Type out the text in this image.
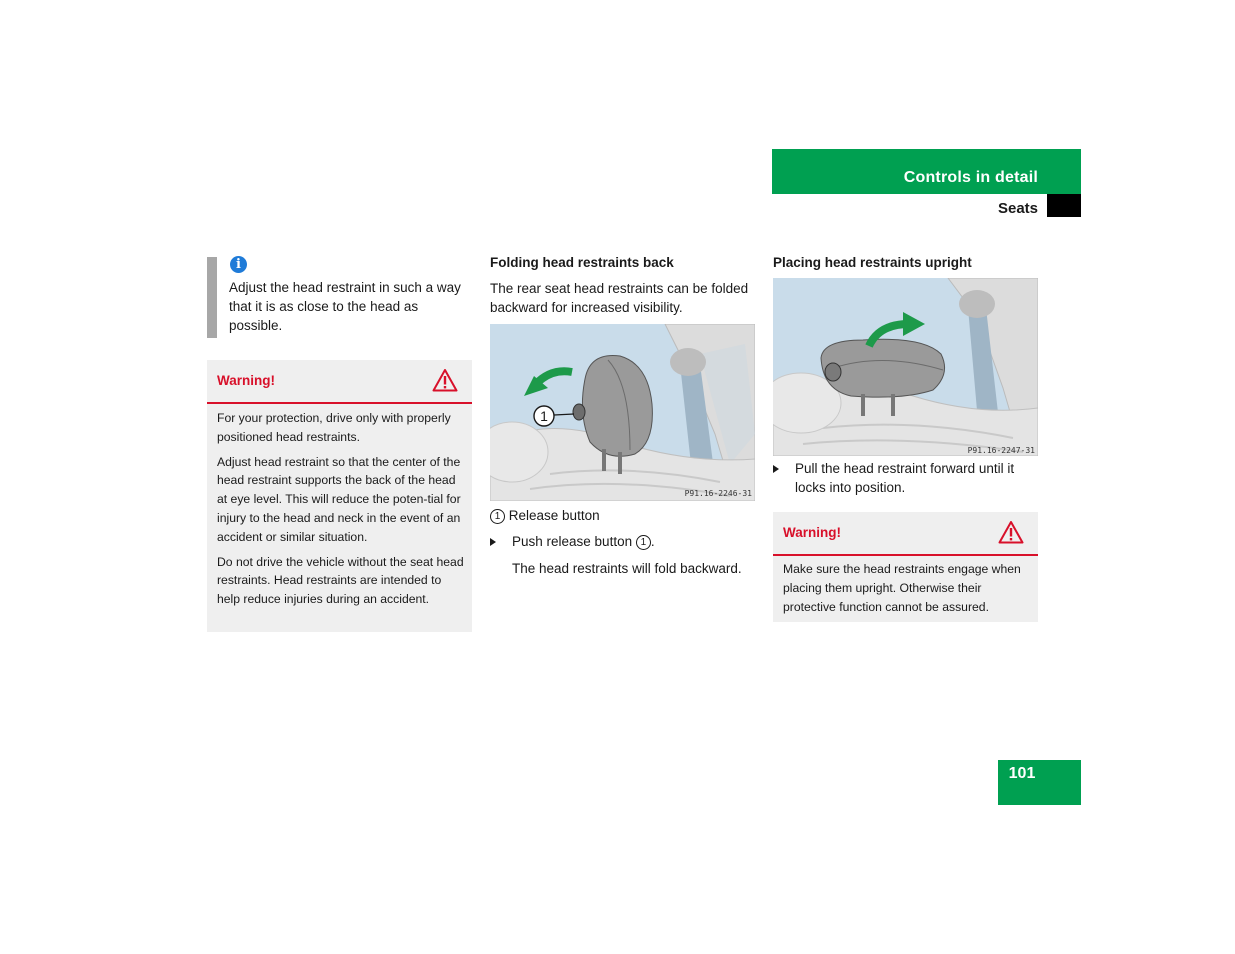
Controls in detail
Seats
i
Adjust the head restraint in such a way that it is as close to the head as possible.
Warning!

For your protection, drive only with properly positioned head restraints.

Adjust head restraint so that the center of the head restraint supports the back of the head at eye level. This will reduce the poten-tial for injury to the head and neck in the event of an accident or similar situation.

Do not drive the vehicle without the seat head restraints. Head restraints are intended to help reduce injuries during an accident.

Folding head restraints back
The rear seat head restraints can be folded backward for increased visibility.
1
P91.16-2246-31
1 Release button
Push release button 1 .
The head restraints will fold backward.
Placing head restraints upright
P91.16-2247-31
Pull the head restraint forward until it locks into position.
Warning!

Make sure the head restraints engage when placing them upright. Otherwise their protective function cannot be assured.

101
